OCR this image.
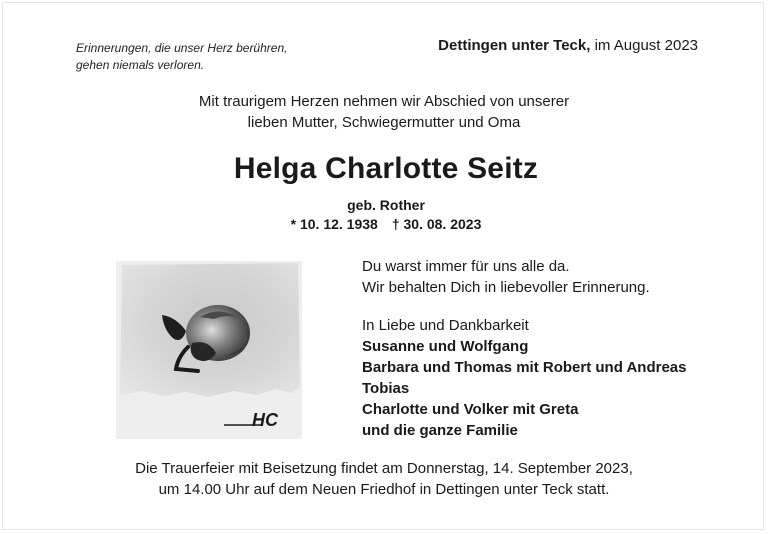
Erinnerungen, die unser Herz berühren,
gehen niemals verloren.
Dettingen unter Teck, im August 2023
Mit traurigem Herzen nehmen wir Abschied von unserer
lieben Mutter, Schwiegermutter und Oma
Helga Charlotte Seitz
geb. Rother
* 10. 12. 1938 † 30. 08. 2023
HC
Du warst immer für uns alle da.
Wir behalten Dich in liebevoller Erinnerung.
In Liebe und Dankbarkeit
Susanne und Wolfgang
Barbara und Thomas mit Robert und Andreas
Tobias
Charlotte und Volker mit Greta
und die ganze Familie
Die Trauerfeier mit Beisetzung findet am Donnerstag, 14. September 2023,
um 14.00 Uhr auf dem Neuen Friedhof in Dettingen unter Teck statt.
